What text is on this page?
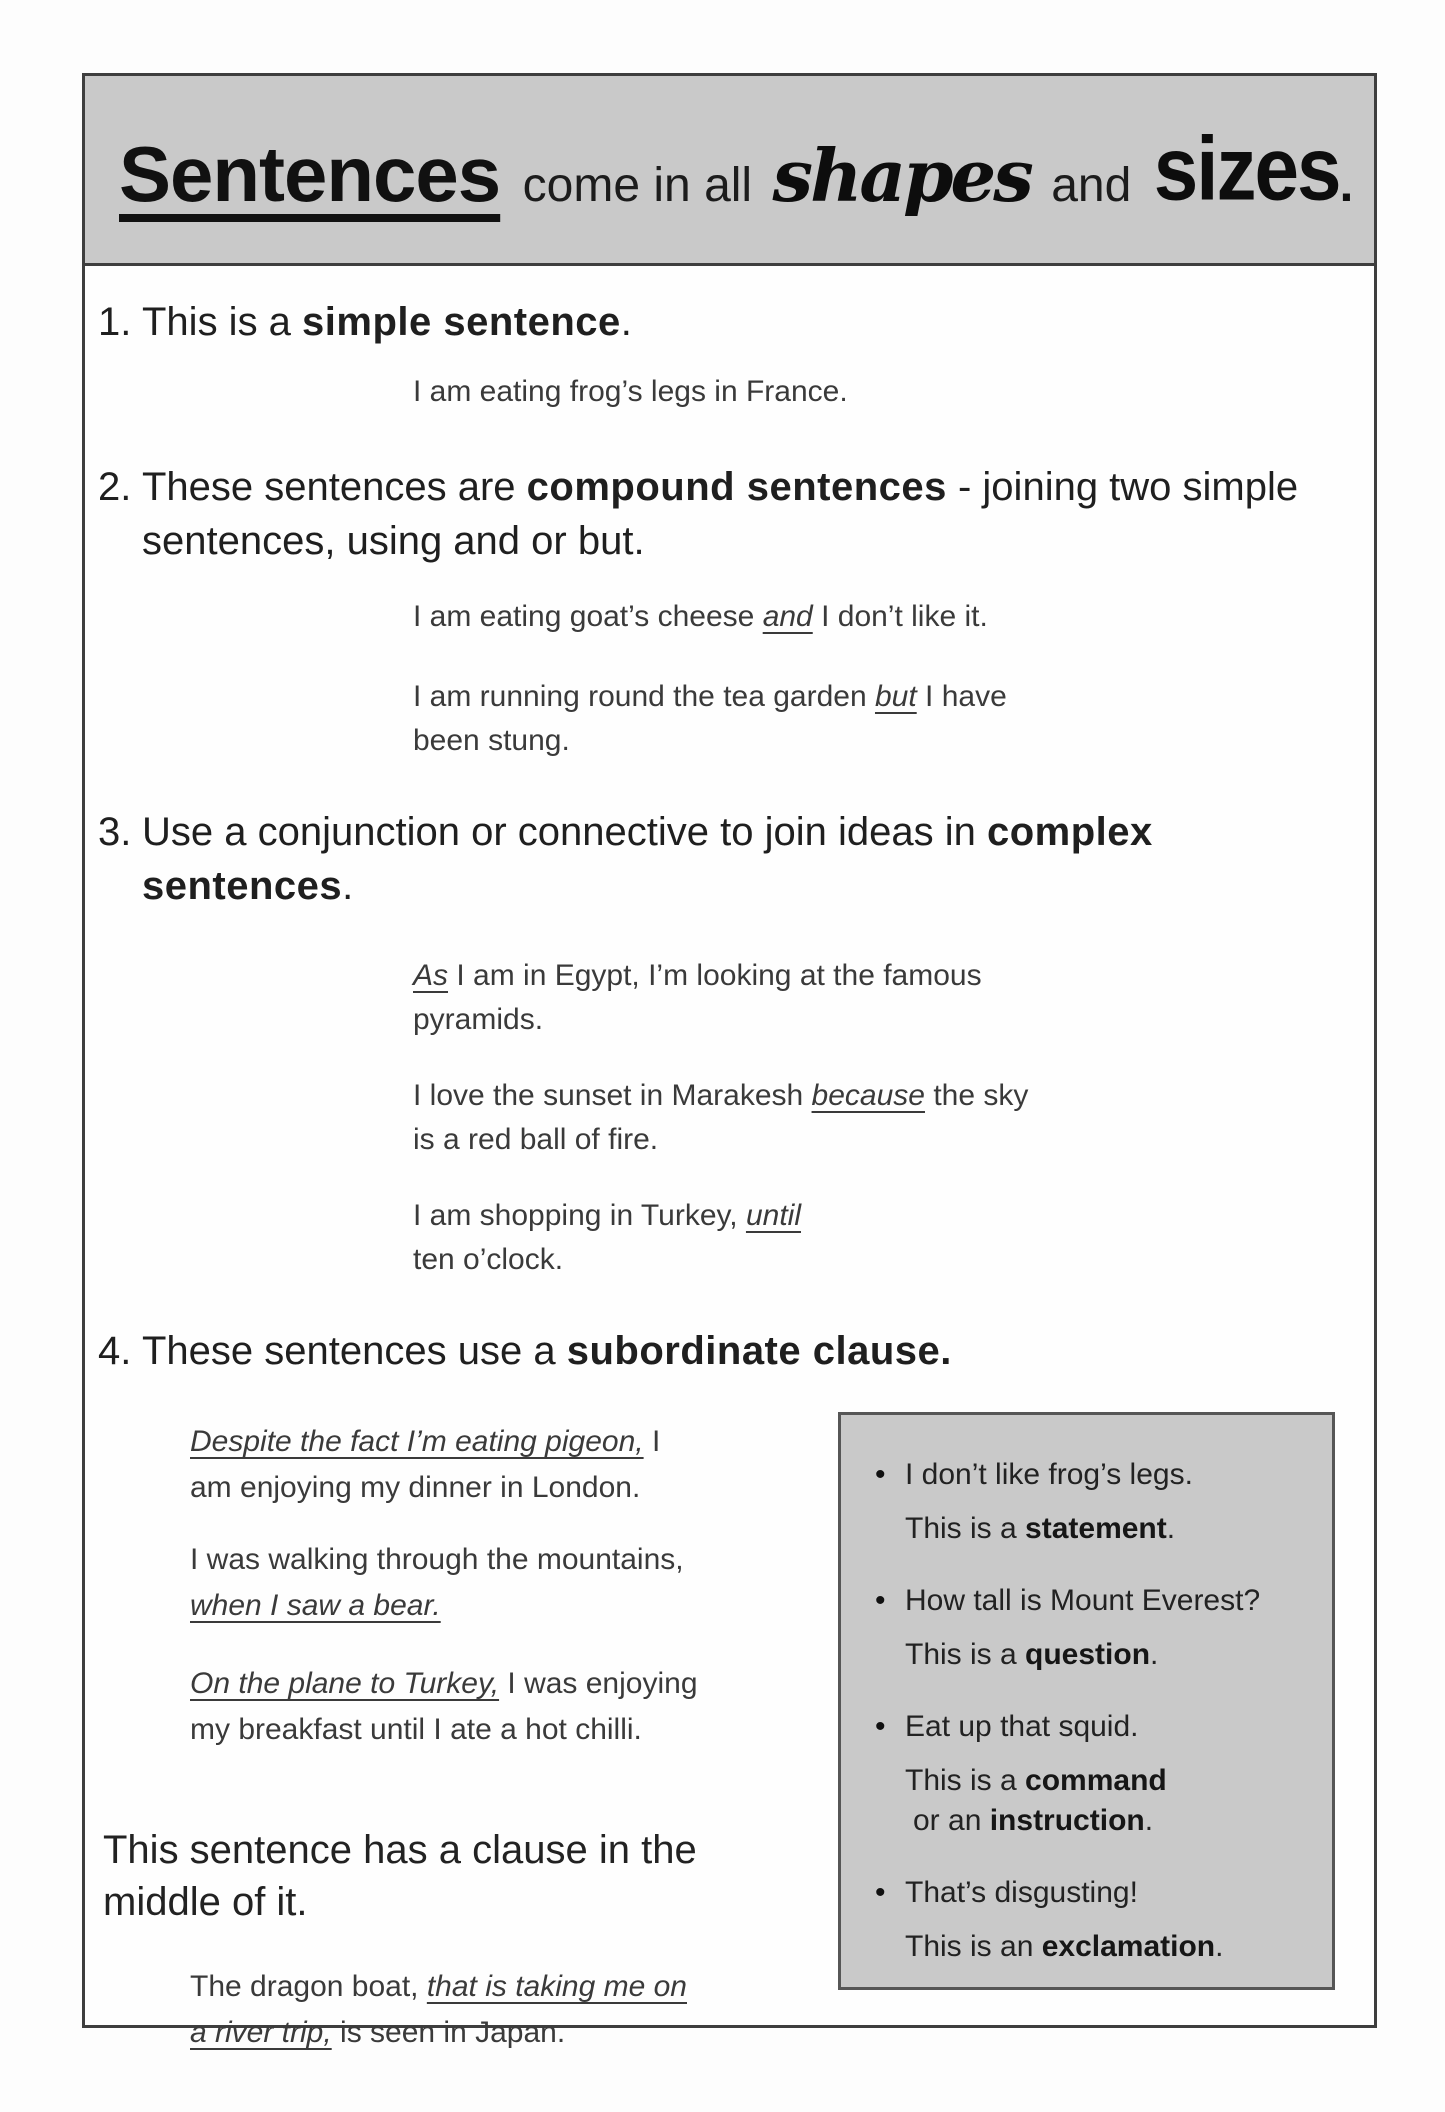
Sentences come in all shapes and sizes.
1. This is a simple sentence.
I am eating frog’s legs in France.
2. These sentences are compound sentences - joining two simple
sentences, using and or but.
I am eating goat’s cheese and I don’t like it.
I am running round the tea garden but I have
been stung.
3. Use a conjunction or connective to join ideas in complex sentences.
As I am in Egypt, I’m looking at the famous
pyramids.
I love the sunset in Marakesh because the sky
is a red ball of fire.
I am shopping in Turkey, until
ten o’clock.
4. These sentences use a subordinate clause.
Despite the fact I’m eating pigeon, I
am enjoying my dinner in London.
I was walking through the mountains,
when I saw a bear.
On the plane to Turkey, I was enjoying
my breakfast until I ate a hot chilli.
This sentence has a clause in the
middle of it.
The dragon boat, that is taking me on
a river trip, is seen in Japan.
• I don’t like frog’s legs.
This is a statement.
• How tall is Mount Everest?
This is a question.
• Eat up that squid.
This is a command
or an instruction.
• That’s disgusting!
This is an exclamation.
